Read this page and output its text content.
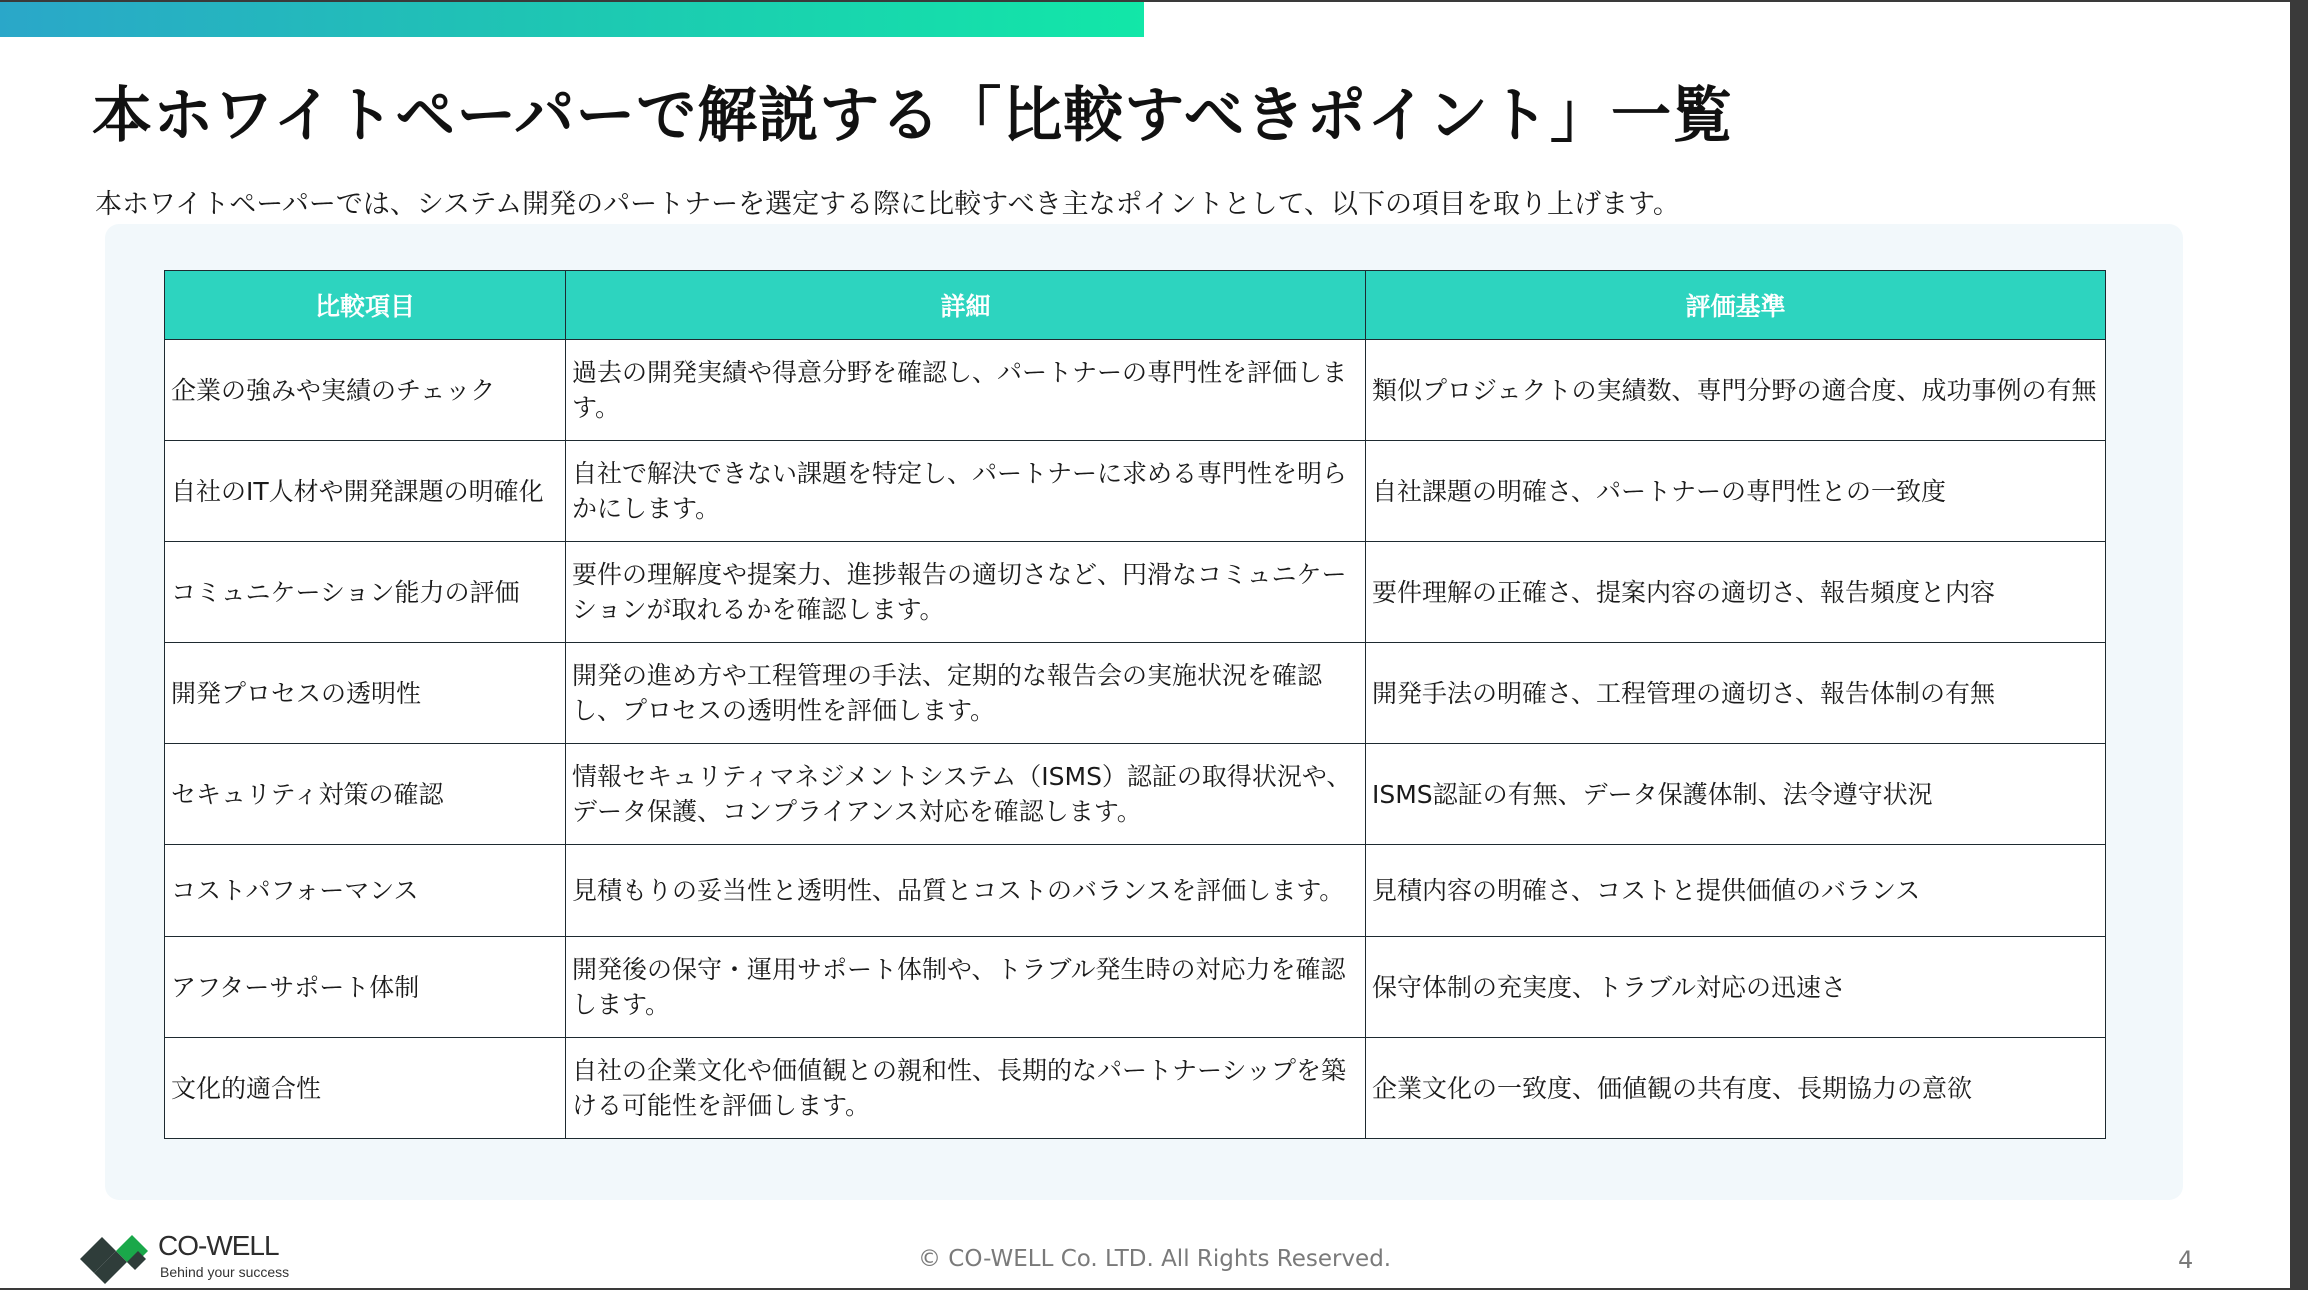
本ホワイトペーパーで解説する「比較すべきポイント」一覧

本ホワイトペーパーでは、システム開発のパートナーを選定する際に比較すべき主なポイントとして、以下の項目を取り上げます。

比較項目	詳細	評価基準
企業の強みや実績のチェック	過去の開発実績や得意分野を確認し、パートナーの専門性を評価します。	類似プロジェクトの実績数、専門分野の適合度、成功事例の有無
自社のIT人材や開発課題の明確化	自社で解決できない課題を特定し、パートナーに求める専門性を明らかにします。	自社課題の明確さ、パートナーの専門性との一致度
コミュニケーション能力の評価	要件の理解度や提案力、進捗報告の適切さなど、円滑なコミュニケーションが取れるかを確認します。	要件理解の正確さ、提案内容の適切さ、報告頻度と内容
開発プロセスの透明性	開発の進め方や工程管理の手法、定期的な報告会の実施状況を確認し、プロセスの透明性を評価します。	開発手法の明確さ、工程管理の適切さ、報告体制の有無
セキュリティ対策の確認	情報セキュリティマネジメントシステム（ISMS）認証の取得状況や、データ保護、コンプライアンス対応を確認します。	ISMS認証の有無、データ保護体制、法令遵守状況
コストパフォーマンス	見積もりの妥当性と透明性、品質とコストのバランスを評価します。	見積内容の明確さ、コストと提供価値のバランス
アフターサポート体制	開発後の保守・運用サポート体制や、トラブル発生時の対応力を確認します。	保守体制の充実度、トラブル対応の迅速さ
文化的適合性	自社の企業文化や価値観との親和性、長期的なパートナーシップを築ける可能性を評価します。	企業文化の一致度、価値観の共有度、長期協力の意欲
CO-WELL
Behind your success	© CO-WELL Co. LTD. All Rights Reserved.	4
